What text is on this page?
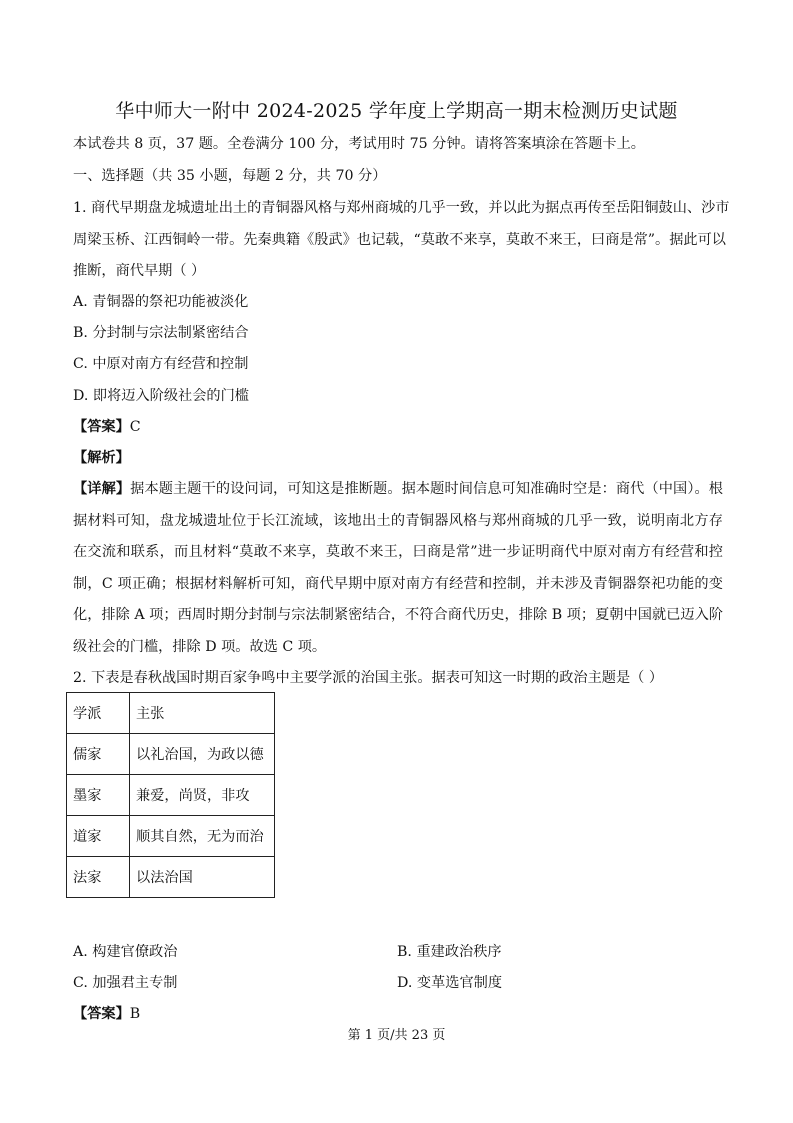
华中师大一附中 2024-2025 学年度上学期高一期末检测历史试题
本试卷共 8 页，37 题。全卷满分 100 分，考试用时 75 分钟。请将答案填涂在答题卡上。
一、选择题（共 35 小题，每题 2 分，共 70 分）
1. 商代早期盘龙城遗址出土的青铜器风格与郑州商城的几乎一致，并以此为据点再传至岳阳铜鼓山、沙市
周梁玉桥、江西铜岭一带。先秦典籍《殷武》也记载，“莫敢不来享，莫敢不来王，曰商是常”。据此可以
推断，商代早期（ ）
A. 青铜器的祭祀功能被淡化
B. 分封制与宗法制紧密结合
C. 中原对南方有经营和控制
D. 即将迈入阶级社会的门槛
【答案】C
【解析】
【详解】据本题主题干的设问词，可知这是推断题。据本题时间信息可知准确时空是：商代（中国）。根据材料可知，盘龙城遗址位于长江流域，该地出土的青铜器风格与郑州商城的几乎一致，说明南北方存在交流和联系，而且材料“莫敢不来享，莫敢不来王，曰商是常”进一步证明商代中原对南方有经营和控制，C 项正确；根据材料解析可知，商代早期中原对南方有经营和控制，并未涉及青铜器祭祀功能的变化，排除 A 项；西周时期分封制与宗法制紧密结合，不符合商代历史，排除 B 项；夏朝中国就已迈入阶级社会的门槛，排除 D 项。故选 C 项。
2. 下表是春秋战国时期百家争鸣中主要学派的治国主张。据表可知这一时期的政治主题是（ ）
学派	主张
儒家	以礼治国，为政以德
墨家	兼爱，尚贤，非攻
道家	顺其自然，无为而治
法家	以法治国
A. 构建官僚政治	B. 重建政治秩序
C. 加强君主专制	D. 变革选官制度
【答案】B
第 1 页/共 23 页
